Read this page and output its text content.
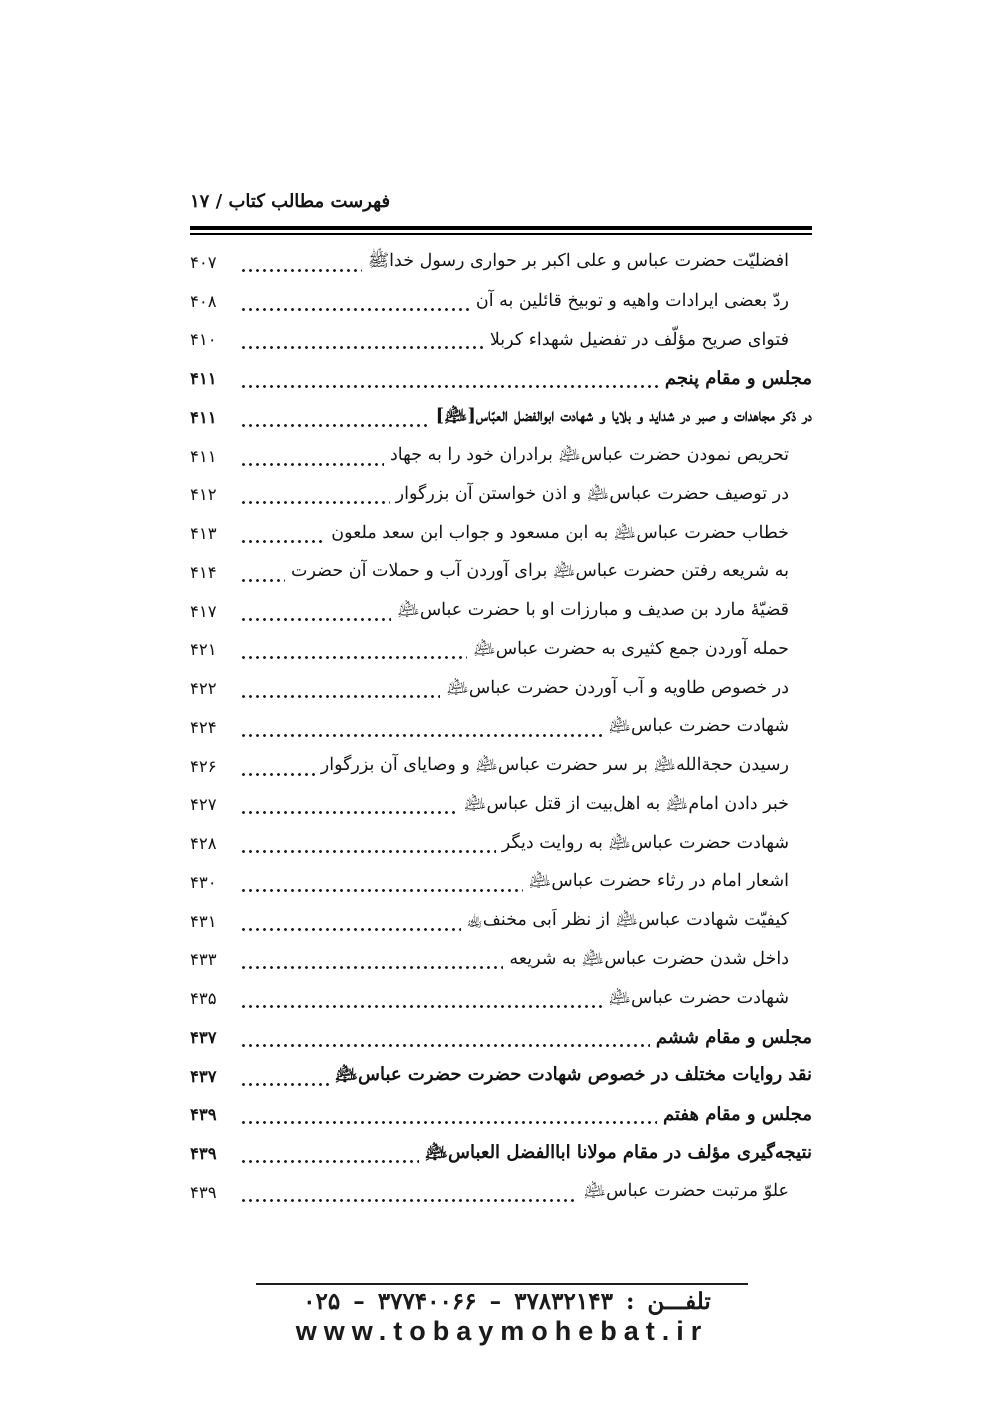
فهرست مطالب کتاب / ۱۷
افضلیّت حضرت عباس و علی اکبر بر حواری رسول خداﷺ
۴۰۷
ردّ بعضی ایرادات واهیه و توبیخ قائلین به آن
۴۰۸
فتوای صریح مؤلّف در تفضیل شهداء کربلا
۴۱۰
مجلس و مقام پنجم
۴۱۱
در ذکر مجاهدات و صبر در شداید و بلایا و شهادت ابوالفضل العبّاس[﵇]
۴۱۱
تحریص نمودن حضرت عباس﵇ برادران خود را به جهاد
۴۱۱
در توصیف حضرت عباس﵇ و اذن خواستن آن بزرگوار
۴۱۲
خطاب حضرت عباس﵇ به ابن مسعود و جواب ابن سعد ملعون
۴۱۳
به شریعه رفتن حضرت عباس﵇ برای آوردن آب و حملات آن حضرت
۴۱۴
قضیّهٔ مارد بن صدیف و مبارزات او با حضرت عباس﵇
۴۱۷
حمله آوردن جمع کثیری به حضرت عباس﵇
۴۲۱
در خصوص طاویه و آب آوردن حضرت عباس﵇
۴۲۲
شهادت حضرت عباس﵇
۴۲۴
رسیدن حجةالله﵇ بر سر حضرت عباس﵇ و وصایای آن بزرگوار
۴۲۶
خبر دادن امام﵇ به اهل‌بیت از قتل عباس﵇
۴۲۷
شهادت حضرت عباس﵇ به روایت دیگر
۴۲۸
اشعار امام در رثاء حضرت عباس﵇
۴۳۰
کیفیّت شهادت عباس﵇ از نظر اَبی مخنف﵀
۴۳۱
داخل شدن حضرت عباس﵇ به شریعه
۴۳۳
شهادت حضرت عباس﵇
۴۳۵
مجلس و مقام ششم
۴۳۷
نقد روایات مختلف در خصوص شهادت حضرت حضرت عباس﵇
۴۳۷
مجلس و مقام هفتم
۴۳۹
نتیجه‌گیری مؤلف در مقام مولانا اباالفضل العباس﵇
۴۳۹
علوّ مرتبت حضرت عباس﵇
۴۳۹
تلفـــن : ۳۷۸۳۲۱۴۳ – ۳۷۷۴۰۰۶۶ – ۰۲۵
www.tobaymohebat.ir
